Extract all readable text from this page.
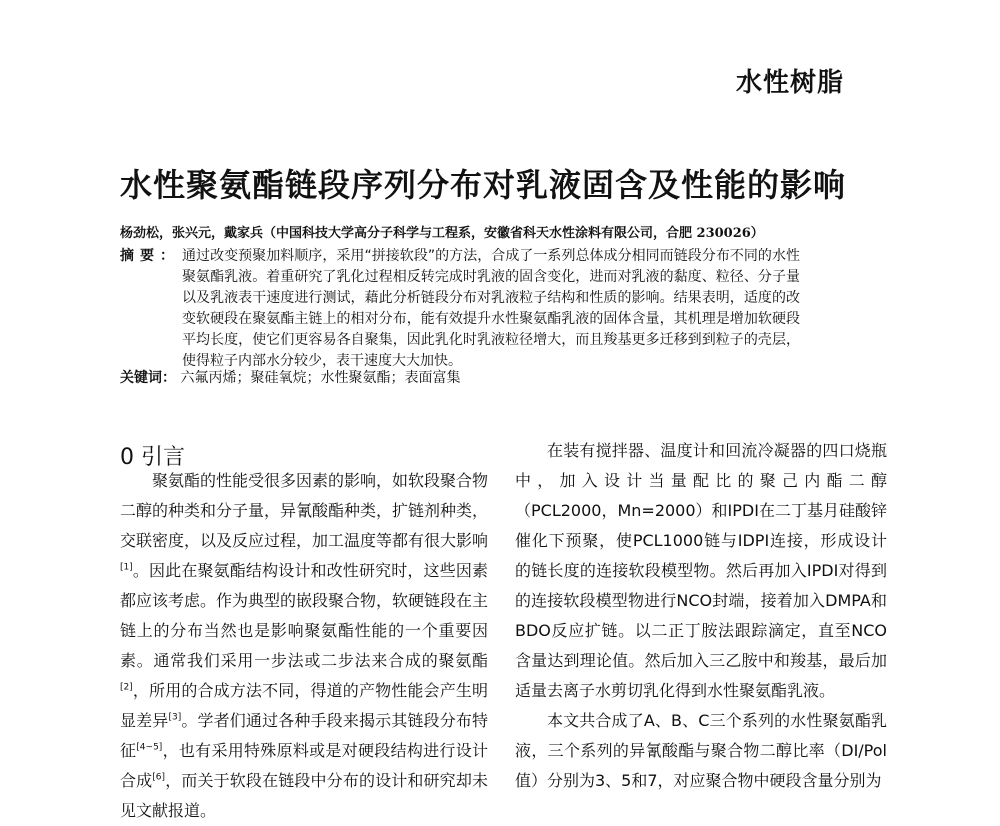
水性树脂
水性聚氨酯链段序列分布对乳液固含及性能的影响
杨劲松，张兴元，戴家兵（中国科技大学高分子科学与工程系，安徽省科天水性涂料有限公司，合肥 230026）
摘要： 通过改变预聚加料顺序，采用“拼接软段”的方法，合成了一系列总体成分相同而链段分布不同的水性聚氨酯乳液。着重研究了乳化过程相反转完成时乳液的固含变化，进而对乳液的黏度、粒径、分子量以及乳液表干速度进行测试，藉此分析链段分布对乳液粒子结构和性质的影响。结果表明，适度的改变软硬段在聚氨酯主链上的相对分布，能有效提升水性聚氨酯乳液的固体含量，其机理是增加软硬段平均长度，使它们更容易各自聚集，因此乳化时乳液粒径增大，而且羧基更多迁移到到粒子的壳层，使得粒子内部水分较少，表干速度大大加快。
关键词： 六氟丙烯；聚硅氧烷；水性聚氨酯；表面富集
0 引言

聚氨酯的性能受很多因素的影响，如软段聚合物二醇的种类和分子量，异氰酸酯种类，扩链剂种类，交联密度，以及反应过程，加工温度等都有很大影响[1]。因此在聚氨酯结构设计和改性研究时，这些因素都应该考虑。作为典型的嵌段聚合物，软硬链段在主链上的分布当然也是影响聚氨酯性能的一个重要因素。通常我们采用一步法或二步法来合成的聚氨酯[2]，所用的合成方法不同，得道的产物性能会产生明显差异[3]。学者们通过各种手段来揭示其链段分布特征[4~5]，也有采用特殊原料或是对硬段结构进行设计合成[6]，而关于软段在链段中分布的设计和研究却未见文献报道。

在装有搅拌器、温度计和回流冷凝器的四口烧瓶中，加入设计当量配比的聚己内酯二醇（PCL2000，Mn=2000）和IPDI在二丁基月硅酸锌催化下预聚，使PCL1000链与IDPI连接，形成设计的链长度的连接软段模型物。然后再加入IPDI对得到的连接软段模型物进行NCO封端，接着加入DMPA和BDO反应扩链。以二正丁胺法跟踪滴定，直至NCO含量达到理论值。然后加入三乙胺中和羧基，最后加适量去离子水剪切乳化得到水性聚氨酯乳液。

本文共合成了A、B、C三个系列的水性聚氨酯乳液，三个系列的异氰酸酯与聚合物二醇比率（DI/Pol值）分别为3、5和7，对应聚合物中硬段含量分别为
